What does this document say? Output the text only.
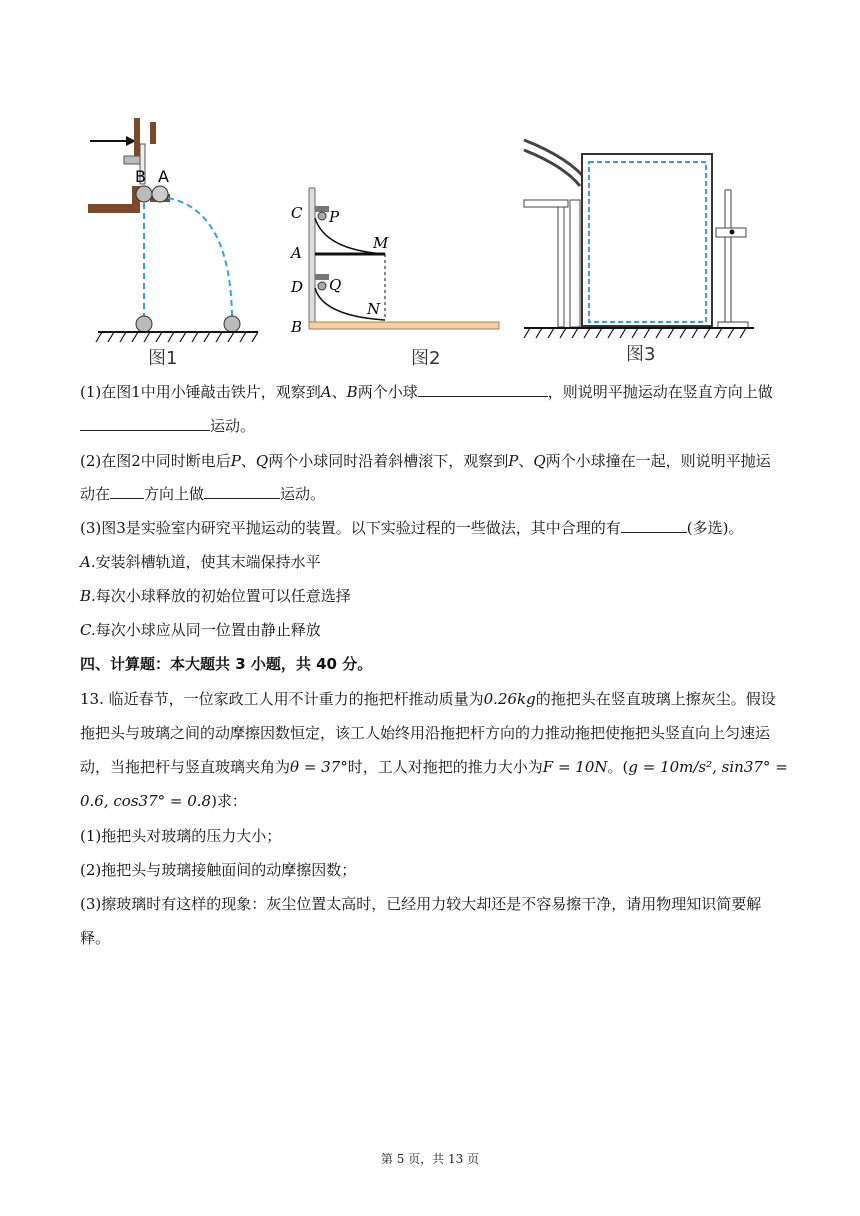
B A
图1
C
A
D
B
P
M
Q
N
图2	图3
(1)在图1中用小锤敲击铁片，观察到A、B两个小球	，则说明平抛运动在竖直方向上做
运动。
(2)在图2中同时断电后P、Q两个小球同时沿着斜槽滚下，观察到P、Q两个小球撞在一起，则说明平抛运
动在 方向上做	运动。
(3)图3是实验室内研究平抛运动的装置。以下实验过程的一些做法，其中合理的有	(多选)。
A.安装斜槽轨道，使其末端保持水平
B.每次小球释放的初始位置可以任意选择
C.每次小球应从同一位置由静止释放
四、计算题：本大题共 3 小题，共 40 分。
13. 临近春节，一位家政工人用不计重力的拖把杆推动质量为0.26kg的拖把头在竖直玻璃上擦灰尘。假设
拖把头与玻璃之间的动摩擦因数恒定，该工人始终用沿拖把杆方向的力推动拖把使拖把头竖直向上匀速运
动，当拖把杆与竖直玻璃夹角为θ = 37°时，工人对拖把的推力大小为F = 10N。(g = 10m/s², sin37° =
0.6, cos37° = 0.8)求：
(1)拖把头对玻璃的压力大小；
(2)拖把头与玻璃接触面间的动摩擦因数；
(3)擦玻璃时有这样的现象：灰尘位置太高时，已经用力较大却还是不容易擦干净，请用物理知识简要解
释。
第 5 页，共 13 页
